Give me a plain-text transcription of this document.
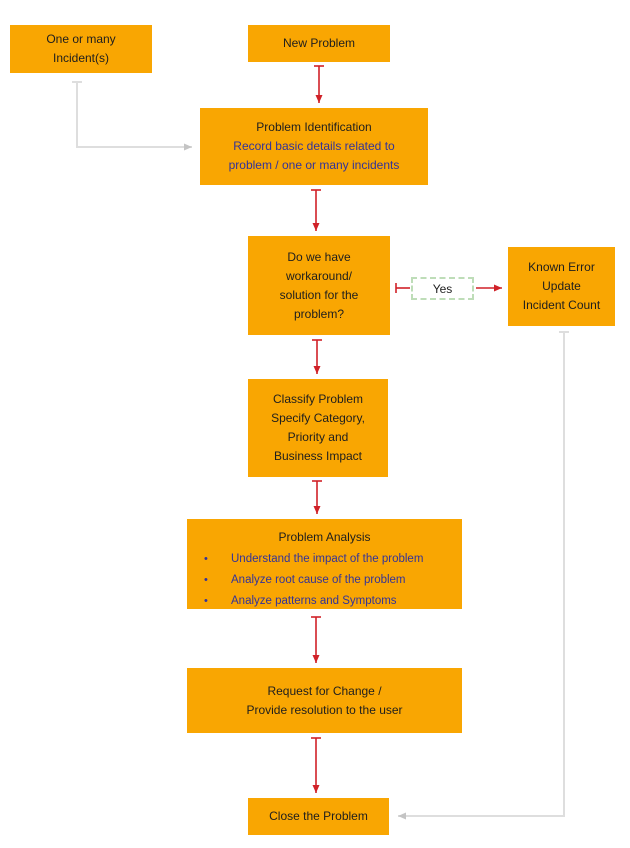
One or many
Incident(s)
New Problem
Problem Identification
Record basic details related to
problem / one or many incidents
Do we have
workaround/
solution for the
problem?
Yes
Known Error
Update
Incident Count
Classify Problem
Specify Category,
Priority and
Business Impact
Problem Analysis
•	Understand the impact of the problem
•	Analyze root cause of the problem
•	Analyze patterns and Symptoms
Request for Change /
Provide resolution to the user
Close the Problem
